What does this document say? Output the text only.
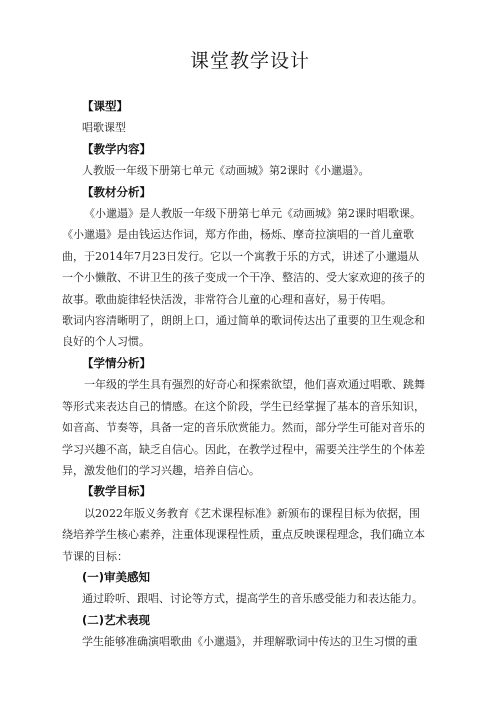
课堂教学设计
【课型】
唱歌课型
【教学内容】
人教版一年级下册第七单元《动画城》第2课时《小邋遢》。
【教材分析】
《小邋遢》是人教版一年级下册第七单元《动画城》第2课时唱歌课。
《小邋遢》是由钱运达作词，郑方作曲，杨烁、摩奇拉演唱的一首儿童歌
曲，于2014年7月23日发行。它以一个寓教于乐的方式，讲述了小邋遢从
一个小懒散、不讲卫生的孩子变成一个干净、整洁的、受大家欢迎的孩子的
故事。歌曲旋律轻快活泼，非常符合儿童的心理和喜好，易于传唱。
歌词内容清晰明了，朗朗上口，通过简单的歌词传达出了重要的卫生观念和
良好的个人习惯。
【学情分析】
一年级的学生具有强烈的好奇心和探索欲望，他们喜欢通过唱歌、跳舞
等形式来表达自己的情感。在这个阶段，学生已经掌握了基本的音乐知识，
如音高、节奏等，具备一定的音乐欣赏能力。然而，部分学生可能对音乐的
学习兴趣不高，缺乏自信心。因此，在教学过程中，需要关注学生的个体差
异，激发他们的学习兴趣，培养自信心。
【教学目标】
以2022年版义务教育《艺术课程标准》新颁布的课程目标为依据，围
绕培养学生核心素养，注重体现课程性质，重点反映课程理念，我们确立本
节课的目标：
(一)审美感知
通过聆听、跟唱、讨论等方式，提高学生的音乐感受能力和表达能力。
(二)艺术表现
学生能够准确演唱歌曲《小邋遢》，并理解歌词中传达的卫生习惯的重
